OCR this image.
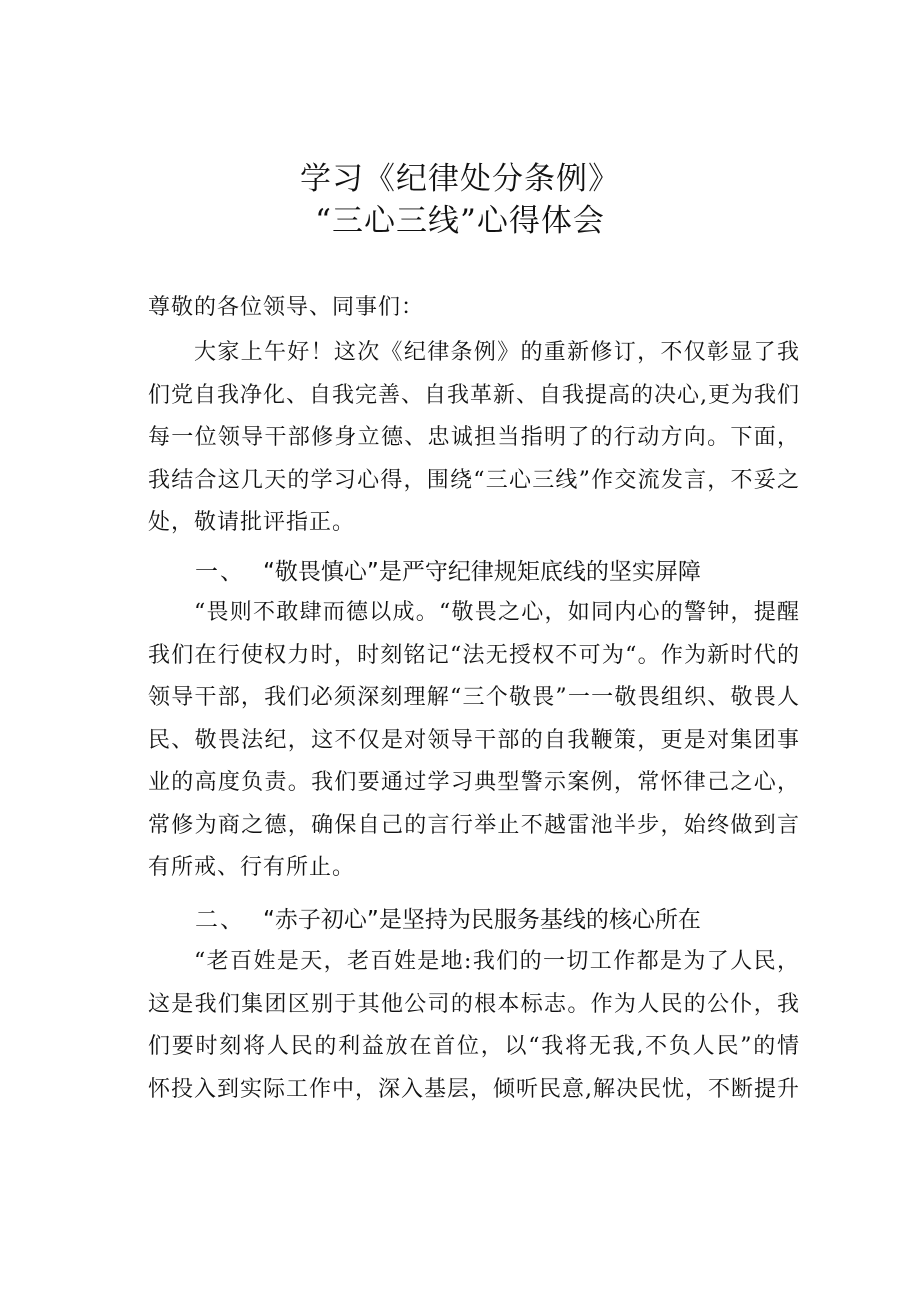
学习《纪律处分条例》
“三心三线”心得体会
尊敬的各位领导、同事们：
大家上午好！这次《纪律条例》的重新修订，不仅彰显了我们党自我净化、自我完善、自我革新、自我提高的决心,更为我们每一位领导干部修身立德、忠诚担当指明了的行动方向。下面，我结合这几天的学习心得，围绕“三心三线”作交流发言，不妥之处，敬请批评指正。
一、 “敬畏慎心”是严守纪律规矩底线的坚实屏障
“畏则不敢肆而德以成。“敬畏之心，如同内心的警钟，提醒我们在行使权力时，时刻铭记“法无授权不可为“。作为新时代的领导干部，我们必须深刻理解“三个敬畏”一一敬畏组织、敬畏人民、敬畏法纪，这不仅是对领导干部的自我鞭策，更是对集团事业的高度负责。我们要通过学习典型警示案例，常怀律己之心，常修为商之德，确保自己的言行举止不越雷池半步，始终做到言有所戒、行有所止。
二、 “赤子初心”是坚持为民服务基线的核心所在
“老百姓是天，老百姓是地:我们的一切工作都是为了人民，这是我们集团区别于其他公司的根本标志。作为人民的公仆，我们要时刻将人民的利益放在首位，以“我将无我,不负人民”的情怀投入到实际工作中，深入基层，倾听民意,解决民忧，不断提升
